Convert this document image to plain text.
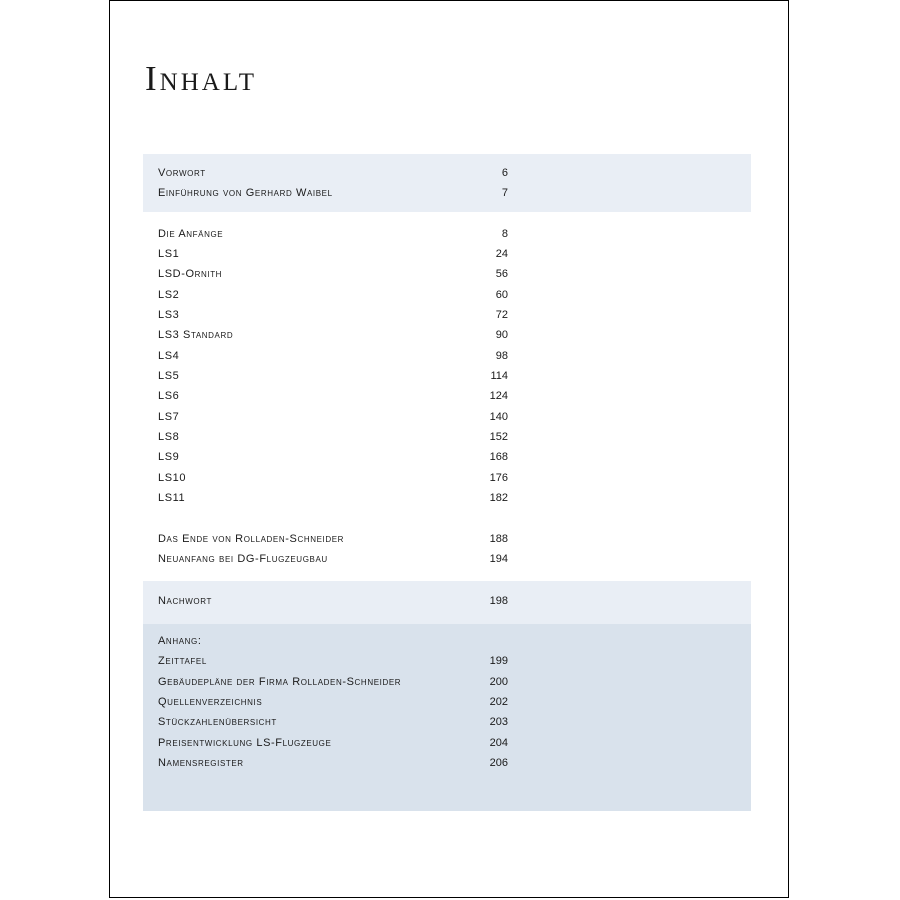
Inhalt
Vorwort	6
Einführung von Gerhard Waibel	7
Die Anfänge	8
LS1	24
LSD-Ornith	56
LS2	60
LS3	72
LS3 Standard	90
LS4	98
LS5	114
LS6	124
LS7	140
LS8	152
LS9	168
LS10	176
LS11	182
Das Ende von Rolladen-Schneider	188
Neuanfang bei DG-Flugzeugbau	194
Nachwort	198
Anhang:
Zeittafel	199
Gebäudepläne der Firma Rolladen-Schneider	200
Quellenverzeichnis	202
Stückzahlenübersicht	203
Preisentwicklung LS-Flugzeuge	204
Namensregister	206
